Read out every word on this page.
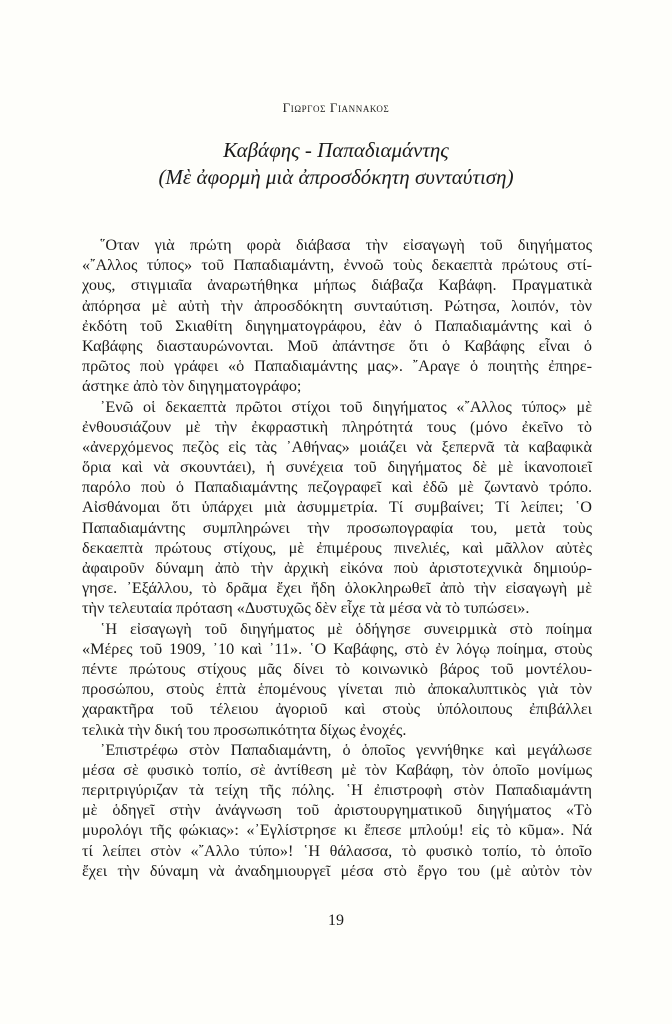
Γιωργος Γιαννακος
Καβάφης - Παπαδιαμάντης
(Μὲ ἀφορμὴ μιὰ ἀπροσδόκητη συνταύτιση)
῞Οταν γιὰ πρώτη φορὰ διάβασα τὴν εἰσαγωγὴ τοῦ διηγήματος
«῎Αλλος τύπος» τοῦ Παπαδιαμάντη, ἐννοῶ τοὺς δεκαεπτὰ πρώτους στί-
χους, στιγμιαῖα ἀναρωτήθηκα μήπως διάβαζα Καβάφη. Πραγματικὰ
ἀπόρησα μὲ αὐτὴ τὴν ἀπροσδόκητη συνταύτιση. Ρώτησα, λοιπόν, τὸν
ἐκδότη τοῦ Σκιαθίτη διηγηματογράφου, ἐὰν ὁ Παπαδιαμάντης καὶ ὁ
Καβάφης διασταυρώνονται. Μοῦ ἀπάντησε ὅτι ὁ Καβάφης εἶναι ὁ
πρῶτος ποὺ γράφει «ὁ Παπαδιαμάντης μας». ῎Αραγε ὁ ποιητὴς ἐπηρε-
άστηκε ἀπὸ τὸν διηγηματογράφο;
᾿Ενῶ οἱ δεκαεπτὰ πρῶτοι στίχοι τοῦ διηγήματος «῎Αλλος τύπος» μὲ
ἐνθουσιάζουν μὲ τὴν ἐκφραστικὴ πληρότητά τους (μόνο ἐκεῖνο τὸ
«ἀνερχόμενος πεζὸς εἰς τὰς ᾿Αθήνας» μοιάζει νὰ ξεπερνᾶ τὰ καβαφικὰ
ὅρια καὶ νὰ σκουντάει), ἡ συνέχεια τοῦ διηγήματος δὲ μὲ ἱκανοποιεῖ
παρόλο ποὺ ὁ Παπαδιαμάντης πεζογραφεῖ καὶ ἐδῶ μὲ ζωντανὸ τρόπο.
Αἰσθάνομαι ὅτι ὑπάρχει μιὰ ἀσυμμετρία. Τί συμβαίνει; Τί λείπει; ῾Ο
Παπαδιαμάντης συμπληρώνει τὴν προσωπογραφία του, μετὰ τοὺς
δεκαεπτὰ πρώτους στίχους, μὲ ἐπιμέρους πινελιές, καὶ μᾶλλον αὐτὲς
ἀφαιροῦν δύναμη ἀπὸ τὴν ἀρχικὴ εἰκόνα ποὺ ἀριστοτεχνικὰ δημιούρ-
γησε. ᾿Εξάλλου, τὸ δρᾶμα ἔχει ἤδη ὁλοκληρωθεῖ ἀπὸ τὴν εἰσαγωγὴ μὲ
τὴν τελευταία πρόταση «Δυστυχῶς δὲν εἶχε τὰ μέσα νὰ τὸ τυπώσει».
῾Η εἰσαγωγὴ τοῦ διηγήματος μὲ ὁδήγησε συνειρμικὰ στὸ ποίημα
«Μέρες τοῦ 1909, ᾿10 καὶ ᾿11». ῾Ο Καβάφης, στὸ ἐν λόγῳ ποίημα, στοὺς
πέντε πρώτους στίχους μᾶς δίνει τὸ κοινωνικὸ βάρος τοῦ μοντέλου-
προσώπου, στοὺς ἑπτὰ ἑπομένους γίνεται πιὸ ἀποκαλυπτικὸς γιὰ τὸν
χαρακτῆρα τοῦ τέλειου ἀγοριοῦ καὶ στοὺς ὑπόλοιπους ἐπιβάλλει
τελικὰ τὴν δική του προσωπικότητα δίχως ἐνοχές.
᾿Επιστρέφω στὸν Παπαδιαμάντη, ὁ ὁποῖος γεννήθηκε καὶ μεγάλωσε
μέσα σὲ φυσικὸ τοπίο, σὲ ἀντίθεση μὲ τὸν Καβάφη, τὸν ὁποῖο μονίμως
περιτριγύριζαν τὰ τείχη τῆς πόλης. ῾Η ἐπιστροφὴ στὸν Παπαδιαμάντη
μὲ ὁδηγεῖ στὴν ἀνάγνωση τοῦ ἀριστουργηματικοῦ διηγήματος «Τὸ
μυρολόγι τῆς φώκιας»: «᾿Εγλίστρησε κι ἔπεσε μπλούμ! εἰς τὸ κῦμα». Νά
τί λείπει στὸν «῎Αλλο τύπο»! ῾Η θάλασσα, τὸ φυσικὸ τοπίο, τὸ ὁποῖο
ἔχει τὴν δύναμη νὰ ἀναδημιουργεῖ μέσα στὸ ἔργο του (μὲ αὐτὸν τὸν
19
